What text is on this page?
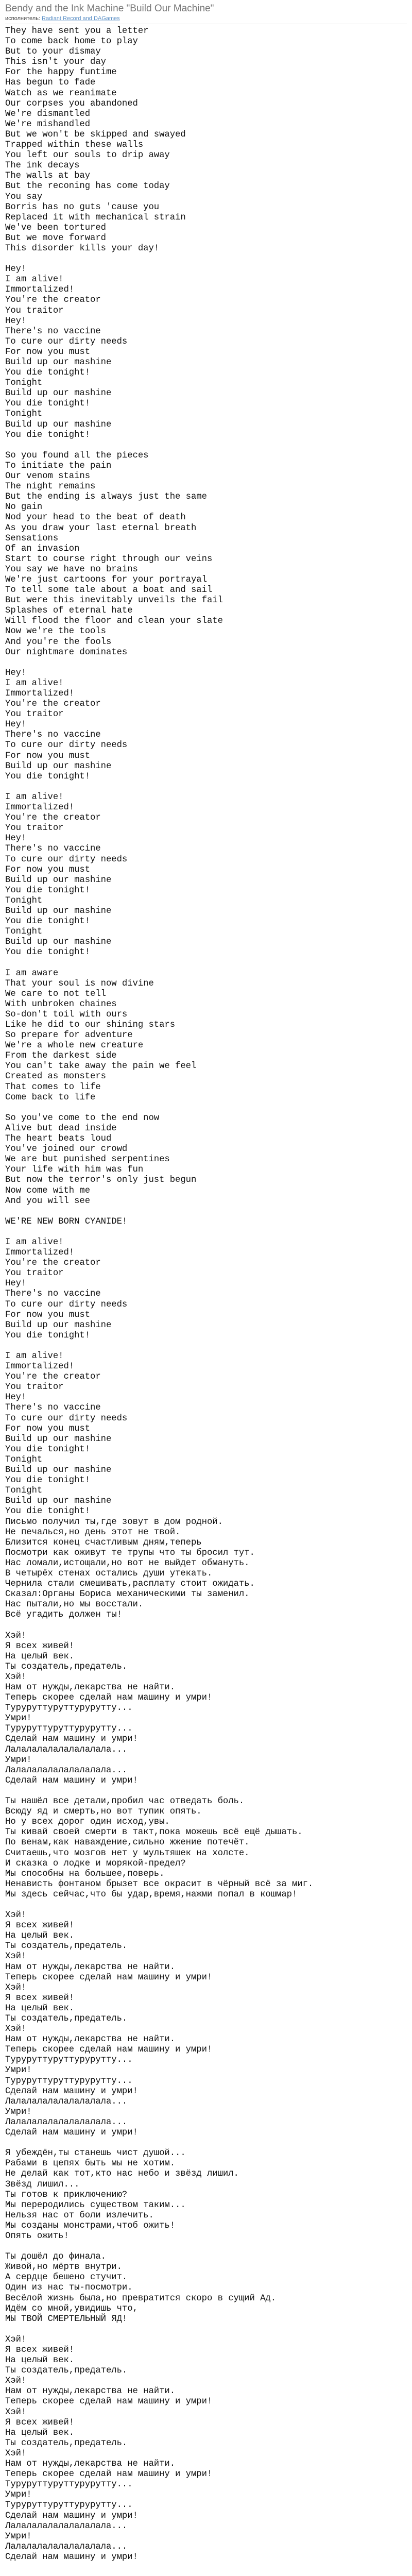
Bendy and the Ink Machine "Build Our Machine"
исполнитель: Radiant Record and DAGames
They have sent you a letter
To come back home to play
But to your dismay
This isn't your day
For the happy funtime
Has begun to fade
Watch as we reanimate
Our corpses you abandoned
We're dismantled
We're mishandled
But we won't be skipped and swayed
Trapped within these walls
You left our souls to drip away
The ink decays
The walls at bay
But the reconing has come today
You say
Borris has no guts 'cause you
Replaced it with mechanical strain
We've been tortured
But we move forward
This disorder kills your day!

Hey!
I am alive!
Immortalized!
You're the creator
You traitor
Hey!
There's no vaccine
To cure our dirty needs
For now you must
Build up our mashine
You die tonight!
Tonight
Build up our mashine
You die tonight!
Tonight
Build up our mashine
You die tonight!

So you found all the pieces
To initiate the pain
Our venom stains
The night remains
But the ending is always just the same
No gain
Nod your head to the beat of death
As you draw your last eternal breath
Sensations
Of an invasion
Start to course right through our veins
You say we have no brains
We're just cartoons for your portrayal
To tell some tale about a boat and sail
But were this inevitably unveils the fail
Splashes of eternal hate
Will flood the floor and clean your slate
Now we're the tools
And you're the fools
Our nightmare dominates

Hey!
I am alive!
Immortalized!
You're the creator
You traitor
Hey!
There's no vaccine
To cure our dirty needs
For now you must
Build up our mashine
You die tonight!

I am alive!
Immortalized!
You're the creator
You traitor
Hey!
There's no vaccine
To cure our dirty needs
For now you must
Build up our mashine
You die tonight!
Tonight
Build up our mashine
You die tonight!
Tonight
Build up our mashine
You die tonight!

I am aware
That your soul is now divine
We care to not tell
With unbroken chaines
So-don't toil with ours
Like he did to our shining stars
So prepare for adventure
We're a whole new creature
From the darkest side
You can't take away the pain we feel
Created as monsters
That comes to life
Come back to life

So you've come to the end now
Alive but dead inside
The heart beats loud
You've joined our crowd
We are but punished serpentines
Your life with him was fun
But now the terror's only just begun
Now come with me
And you will see

WE'RE NEW BORN CYANIDE!

I am alive!
Immortalized!
You're the creator
You traitor
Hey!
There's no vaccine
To cure our dirty needs
For now you must
Build up our mashine
You die tonight!

I am alive!
Immortalized!
You're the creator
You traitor
Hey!
There's no vaccine
To cure our dirty needs
For now you must
Build up our mashine
You die tonight!
Tonight
Build up our mashine
You die tonight!
Tonight
Build up our mashine
You die tonight!
Письмо получил ты,где зовут в дом родной.
Не печалься,но день этот не твой.
Близится конец счастливым дням,теперь
Посмотри как оживут те трупы что ты бросил тут.
Нас ломали,истощали,но вот не выйдет обмануть.
В четырёх стенах остались души утекать.
Чернила стали смешивать,расплату стоит ожидать.
Сказал:Органы Бориса механическими ты заменил.
Нас пытали,но мы восстали.
Всё угадить должен ты!

Хэй!
Я всех живей!
На целый век.
Ты создатель,предатель.
Хэй!
Нам от нужды,лекарства не найти.
Теперь скорее сделай нам машину и умри!
Туруруттуруттурурутту...
Умри!
Туруруттуруттурурутту...
Сделай нам машину и умри!
Лалалалалалалалалала...
Умри!
Лалалалалалалалалала...
Сделай нам машину и умри!

Ты нашёл все детали,пробил час отведать боль.
Всюду яд и смерть,но вот тупик опять.
Но у всех дорог один исход,увы.
Ты кивай своей смерти в такт,пока можешь всё ещё дышать.
По венам,как наваждение,сильно жжение потечёт.
Считаешь,что мозгов нет у мультяшек на холсте.
И сказка о лодке и морякой-предел?
Мы способны на большее,поверь.
Ненависть фонтаном брызет все окрасит в чёрный всё за миг.
Мы здесь сейчас,что бы удар,время,нажми попал в кошмар!

Хэй!
Я всех живей!
На целый век.
Ты создатель,предатель.
Хэй!
Нам от нужды,лекарства не найти.
Теперь скорее сделай нам машину и умри!
Хэй!
Я всех живей!
На целый век.
Ты создатель,предатель.
Хэй!
Нам от нужды,лекарства не найти.
Теперь скорее сделай нам машину и умри!
Туруруттуруттурурутту...
Умри!
Туруруттуруттурурутту...
Сделай нам машину и умри!
Лалалалалалалалалала...
Умри!
Лалалалалалалалалала...
Сделай нам машину и умри!

Я убеждён,ты станешь чист душой...
Рабами в цепях быть мы не хотим.
Не делай как тот,кто нас небо и звёзд лишил.
Звёзд лишил...
Ты готов к приключению?
Мы переродились существом таким...
Нельзя нас от боли излечить.
Мы созданы монстрами,чтоб ожить!
Опять ожить!

Ты дошёл до финала.
Живой,но мёртв внутри.
А сердце бешено стучит.
Один из нас ты-посмотри.
Весёлой жизнь была,но превратится скоро в сущий Ад.
Идём со мной,увидишь что,
МЫ ТВОЙ СМЕРТЕЛЬНЫЙ ЯД!

Хэй!
Я всех живей!
На целый век.
Ты создатель,предатель.
Хэй!
Нам от нужды,лекарства не найти.
Теперь скорее сделай нам машину и умри!
Хэй!
Я всех живей!
На целый век.
Ты создатель,предатель.
Хэй!
Нам от нужды,лекарства не найти.
Теперь скорее сделай нам машину и умри!
Туруруттуруттурурутту...
Умри!
Туруруттуруттурурутту...
Сделай нам машину и умри!
Лалалалалалалалалала...
Умри!
Лалалалалалалалалала...
Сделай нам машину и умри!
